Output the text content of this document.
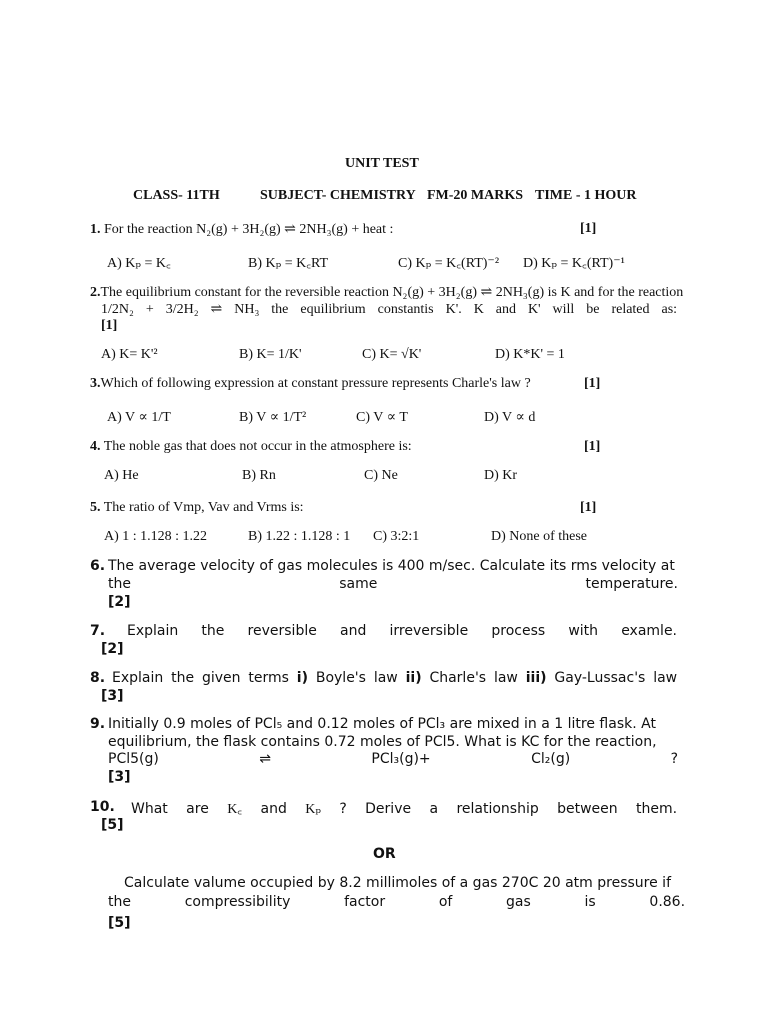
UNIT TEST
CLASS- 11TH	SUBJECT- CHEMISTRY FM-20 MARKS TIME - 1 HOUR
1. For the reaction N₂(g) + 3H₂(g) ⇌ 2NH₃(g) + heat :	[1]
A) Kₚ = K꜀	B) Kₚ = K꜀RT	C) Kₚ = K꜀(RT)⁻² D) Kₚ = K꜀(RT)⁻¹
2.The equilibrium constant for the reversible reaction N₂(g) + 3H₂(g) ⇌ 2NH₃(g) is K and for the reaction
1/2N₂ + 3/2H₂ ⇌ NH₃ the equilibrium constantis K'. K and K' will be related as:
[1]
A) K= K'²	B) K= 1/K'	C) K= √K'	D) K*K' = 1
3.Which of following expression at constant pressure represents Charle's law ?	[1]
A) V ∝ 1/T	B) V ∝ 1/T²	C) V ∝ T	D) V ∝ d
4. The noble gas that does not occur in the atmosphere is:	[1]
A) He	B) Rn	C) Ne	D) Kr
5. The ratio of Vmp, Vav and Vrms is:	[1]
A) 1 : 1.128 : 1.22	B) 1.22 : 1.128 : 1 C) 3:2:1	D) None of these
6. The average velocity of gas molecules is 400 m/sec. Calculate its rms velocity at
the	same	temperature.
[2]
7. Explain the reversible and irreversible process with examle.
[2]
8. Explain the given terms i) Boyle's law ii) Charle's law iii) Gay-Lussac's law
[3]
9. Initially 0.9 moles of PCl₅ and 0.12 moles of PCl₃ are mixed in a 1 litre flask. At
equilibrium, the flask contains 0.72 moles of PCl5. What is KC for the reaction,
PCl5(g)	⇌	PCl₃(g)+	Cl₂(g)	?
[3]
10. What are K꜀ and Kₚ ? Derive a relationship between them.
[5]
OR
Calculate valume occupied by 8.2 millimoles of a gas 270C 20 atm pressure if
the	compressibility	factor	of	gas	is	0.86.
[5]
